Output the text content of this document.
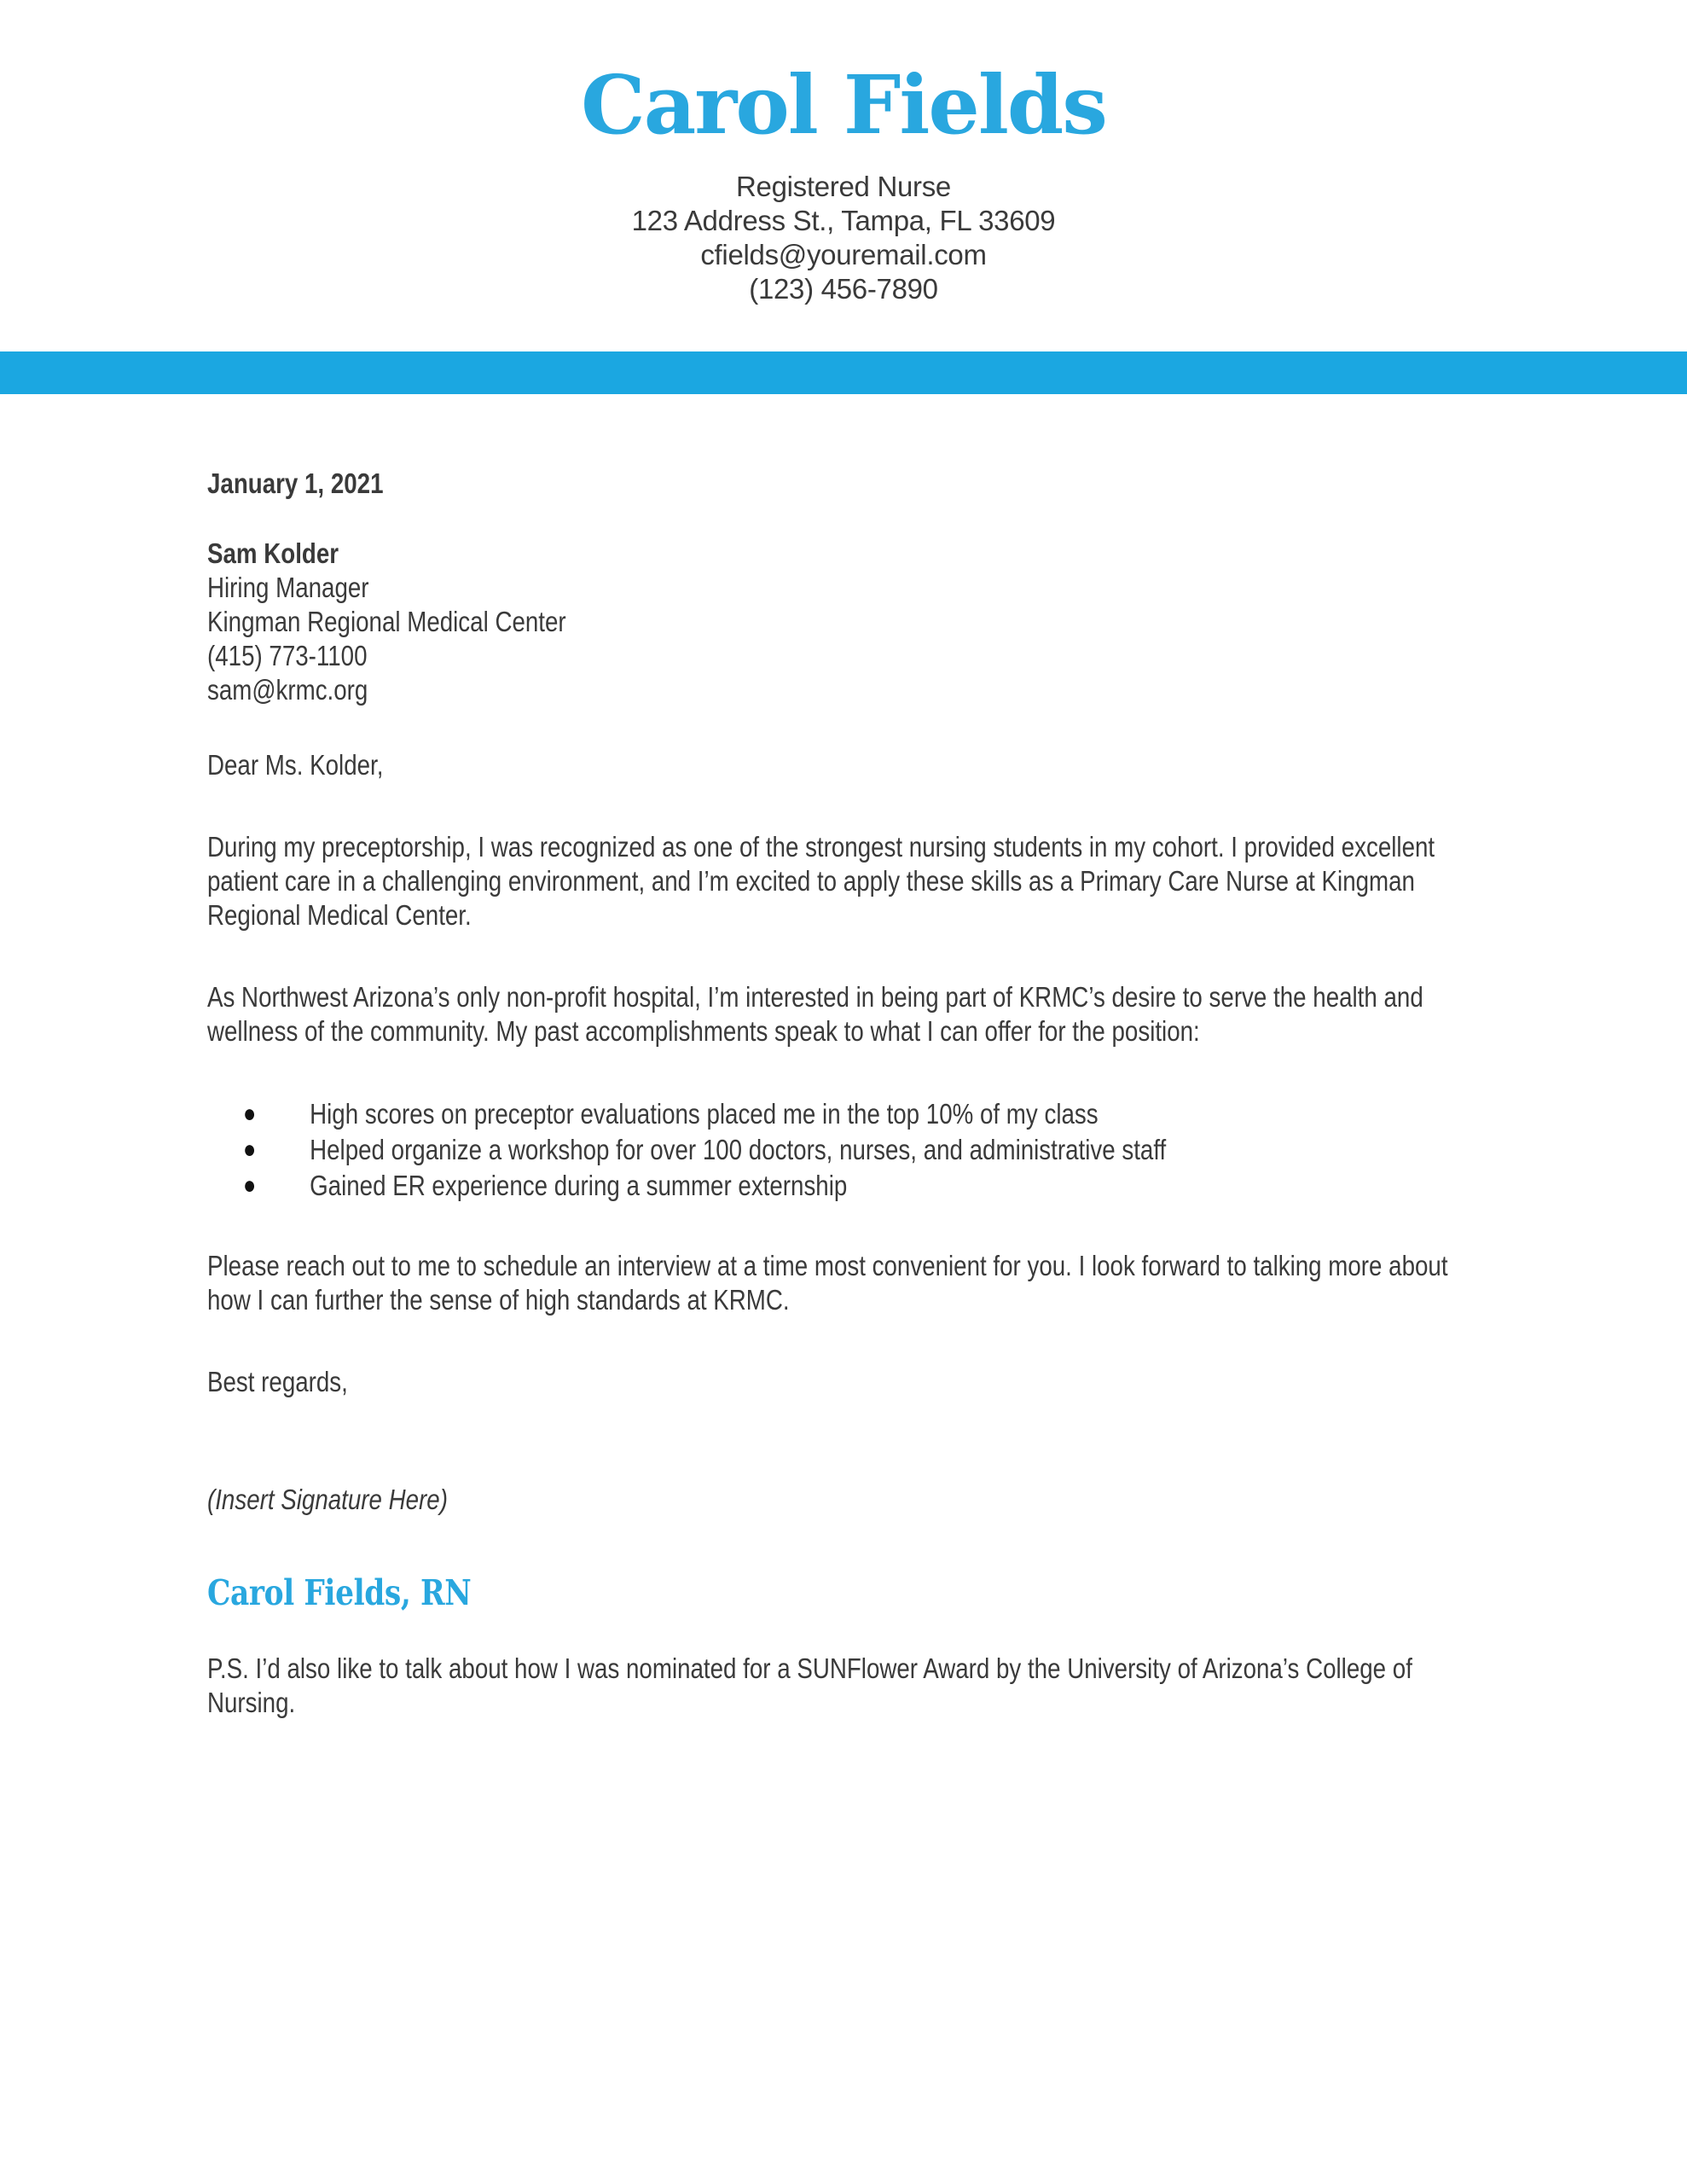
Carol Fields
Registered Nurse
123 Address St., Tampa, FL 33609
cfields@youremail.com
(123) 456-7890

January 1, 2021

Sam Kolder
Hiring Manager
Kingman Regional Medical Center
(415) 773-1100
sam@krmc.org

Dear Ms. Kolder,

During my preceptorship, I was recognized as one of the strongest nursing students in my cohort. I provided excellent patient care in a challenging environment, and I’m excited to apply these skills as a Primary Care Nurse at Kingman Regional Medical Center.

As Northwest Arizona’s only non-profit hospital, I’m interested in being part of KRMC’s desire to serve the health and wellness of the community. My past accomplishments speak to what I can offer for the position:

● High scores on preceptor evaluations placed me in the top 10% of my class
● Helped organize a workshop for over 100 doctors, nurses, and administrative staff
● Gained ER experience during a summer externship

Please reach out to me to schedule an interview at a time most convenient for you. I look forward to talking more about how I can further the sense of high standards at KRMC.

Best regards,

(Insert Signature Here)

Carol Fields, RN

P.S. I’d also like to talk about how I was nominated for a SUNFlower Award by the University of Arizona’s College of Nursing.
